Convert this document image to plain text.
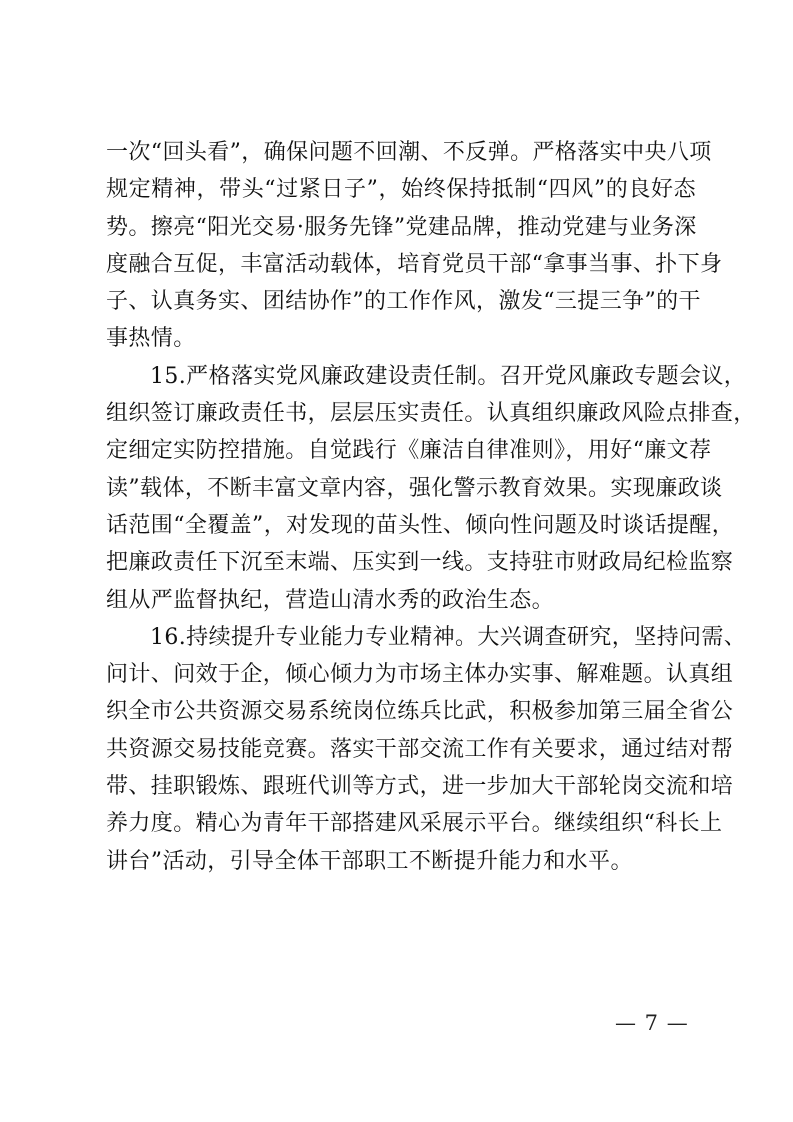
一次“回头看”，确保问题不回潮、不反弹。严格落实中央八项
规定精神，带头“过紧日子”，始终保持抵制“四风”的良好态
势。擦亮“阳光交易·服务先锋”党建品牌，推动党建与业务深
度融合互促，丰富活动载体，培育党员干部“拿事当事、扑下身
子、认真务实、团结协作”的工作作风，激发“三提三争”的干
事热情。
15.严格落实党风廉政建设责任制。召开党风廉政专题会议，
组织签订廉政责任书，层层压实责任。认真组织廉政风险点排查，
定细定实防控措施。自觉践行《廉洁自律准则》，用好“廉文荐
读”载体，不断丰富文章内容，强化警示教育效果。实现廉政谈
话范围“全覆盖”，对发现的苗头性、倾向性问题及时谈话提醒，
把廉政责任下沉至末端、压实到一线。支持驻市财政局纪检监察
组从严监督执纪，营造山清水秀的政治生态。
16.持续提升专业能力专业精神。大兴调查研究，坚持问需、
问计、问效于企，倾心倾力为市场主体办实事、解难题。认真组
织全市公共资源交易系统岗位练兵比武，积极参加第三届全省公
共资源交易技能竞赛。落实干部交流工作有关要求，通过结对帮
带、挂职锻炼、跟班代训等方式，进一步加大干部轮岗交流和培
养力度。精心为青年干部搭建风采展示平台。继续组织“科长上
讲台”活动，引导全体干部职工不断提升能力和水平。
— 7 —
